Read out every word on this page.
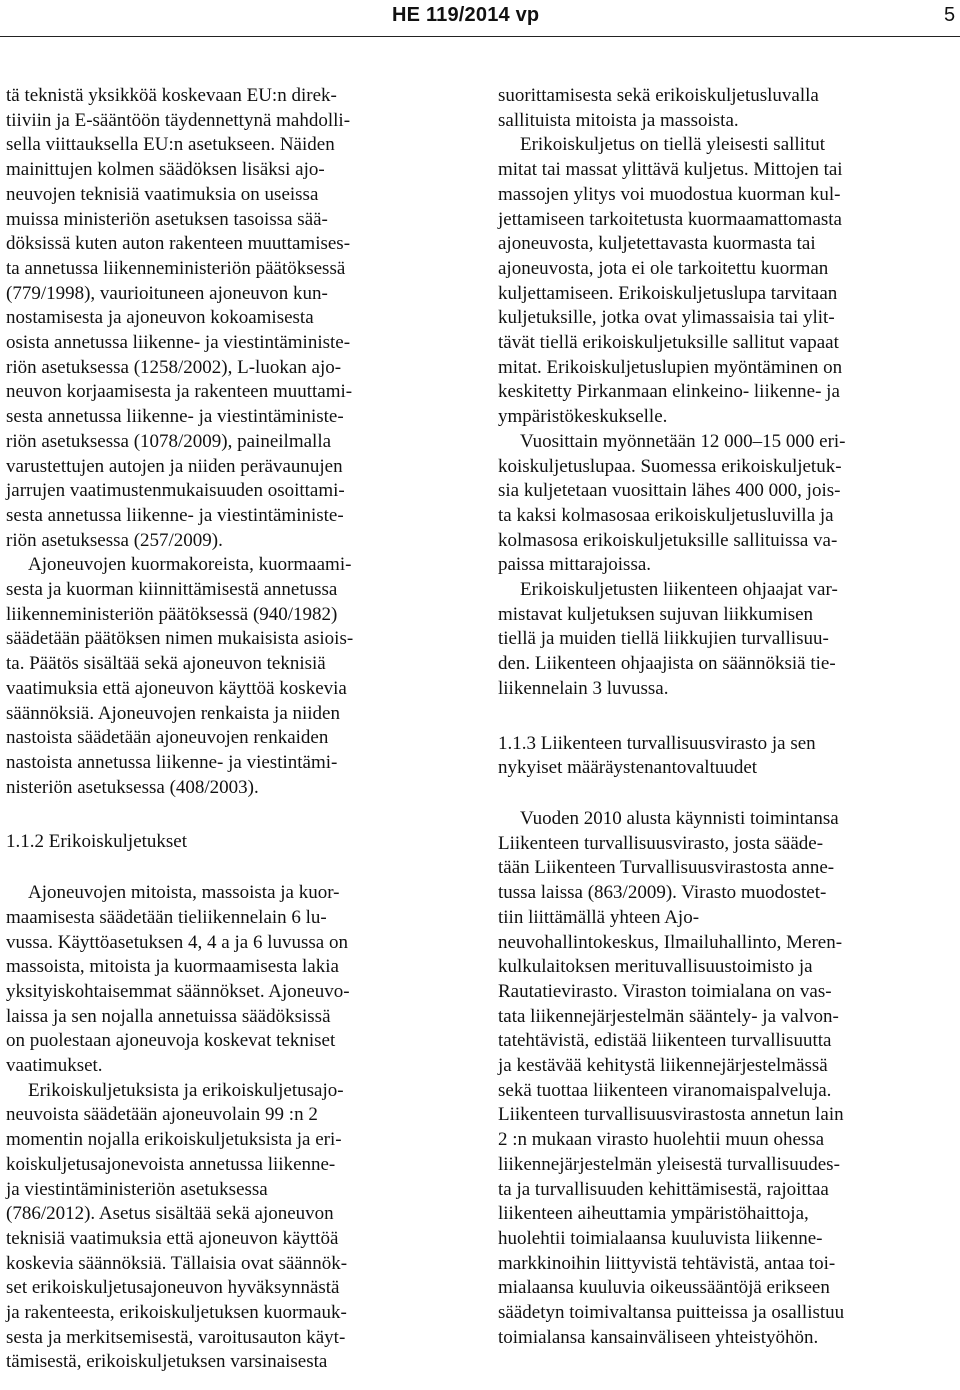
HE 119/2014 vp	5

tä teknistä yksikköä koskevaan EU:n direk-
tiiviin ja E-sääntöön täydennettynä mahdolli-
sella viittauksella EU:n asetukseen. Näiden
mainittujen kolmen säädöksen lisäksi ajo-
neuvojen teknisiä vaatimuksia on useissa
muissa ministeriön asetuksen tasoissa sää-
döksissä kuten auton rakenteen muuttamises-
ta annetussa liikenneministeriön päätöksessä
(779/1998), vaurioituneen ajoneuvon kun-
nostamisesta ja ajoneuvon kokoamisesta
osista annetussa liikenne- ja viestintäministe-
riön asetuksessa (1258/2002), L-luokan ajo-
neuvon korjaamisesta ja rakenteen muuttami-
sesta annetussa liikenne- ja viestintäministe-
riön asetuksessa (1078/2009), paineilmalla
varustettujen autojen ja niiden perävaunujen
jarrujen vaatimustenmukaisuuden osoittami-
sesta annetussa liikenne- ja viestintäministe-
riön asetuksessa (257/2009).

Ajoneuvojen kuormakoreista, kuormaami-
sesta ja kuorman kiinnittämisestä annetussa
liikenneministeriön päätöksessä (940/1982)
säädetään päätöksen nimen mukaisista asiois-
ta. Päätös sisältää sekä ajoneuvon teknisiä
vaatimuksia että ajoneuvon käyttöä koskevia
säännöksiä. Ajoneuvojen renkaista ja niiden
nastoista säädetään ajoneuvojen renkaiden
nastoista annetussa liikenne- ja viestintämi-
nisteriön asetuksessa (408/2003).

1.1.2 Erikoiskuljetukset

Ajoneuvojen mitoista, massoista ja kuor-
maamisesta säädetään tieliikennelain 6 lu-
vussa. Käyttöasetuksen 4, 4 a ja 6 luvussa on
massoista, mitoista ja kuormaamisesta lakia
yksityiskohtaisemmat säännökset. Ajoneuvo-
laissa ja sen nojalla annetuissa säädöksissä
on puolestaan ajoneuvoja koskevat tekniset
vaatimukset.

Erikoiskuljetuksista ja erikoiskuljetusajo-
neuvoista säädetään ajoneuvolain 99 :n 2
momentin nojalla erikoiskuljetuksista ja eri-
koiskuljetusajonevoista annetussa liikenne-
ja viestintäministeriön asetuksessa
(786/2012). Asetus sisältää sekä ajoneuvon
teknisiä vaatimuksia että ajoneuvon käyttöä
koskevia säännöksiä. Tällaisia ovat säännök-
set erikoiskuljetusajoneuvon hyväksynnästä
ja rakenteesta, erikoiskuljetuksen kuormauk-
sesta ja merkitsemisestä, varoitusauton käyt-
tämisestä, erikoiskuljetuksen varsinaisesta

suorittamisesta sekä erikoiskuljetusluvalla
sallituista mitoista ja massoista.

Erikoiskuljetus on tiellä yleisesti sallitut
mitat tai massat ylittävä kuljetus. Mittojen tai
massojen ylitys voi muodostua kuorman kul-
jettamiseen tarkoitetusta kuormaamattomasta
ajoneuvosta, kuljetettavasta kuormasta tai
ajoneuvosta, jota ei ole tarkoitettu kuorman
kuljettamiseen. Erikoiskuljetuslupa tarvitaan
kuljetuksille, jotka ovat ylimassaisia tai ylit-
tävät tiellä erikoiskuljetuksille sallitut vapaat
mitat. Erikoiskuljetuslupien myöntäminen on
keskitetty Pirkanmaan elinkeino- liikenne- ja
ympäristökeskukselle.

Vuosittain myönnetään 12 000–15 000 eri-
koiskuljetuslupaa. Suomessa erikoiskuljetuk-
sia kuljetetaan vuosittain lähes 400 000, jois-
ta kaksi kolmasosaa erikoiskuljetusluvilla ja
kolmasosa erikoiskuljetuksille sallituissa va-
paissa mittarajoissa.

Erikoiskuljetusten liikenteen ohjaajat var-
mistavat kuljetuksen sujuvan liikkumisen
tiellä ja muiden tiellä liikkujien turvallisuu-
den. Liikenteen ohjaajista on säännöksiä tie-
liikennelain 3 luvussa.

1.1.3 Liikenteen turvallisuusvirasto ja sen
nykyiset määräystenantovaltuudet

Vuoden 2010 alusta käynnisti toimintansa
Liikenteen turvallisuusvirasto, josta sääde-
tään Liikenteen Turvallisuusvirastosta anne-
tussa laissa (863/2009). Virasto muodostet-
tiin liittämällä yhteen Ajo-
neuvohallintokeskus, Ilmailuhallinto, Meren-
kulkulaitoksen merituvallisuustoimisto ja
Rautatievirasto. Viraston toimialana on vas-
tata liikennejärjestelmän sääntely- ja valvon-
tatehtävistä, edistää liikenteen turvallisuutta
ja kestävää kehitystä liikennejärjestelmässä
sekä tuottaa liikenteen viranomaispalveluja.
Liikenteen turvallisuusvirastosta annetun lain
2 :n mukaan virasto huolehtii muun ohessa
liikennejärjestelmän yleisestä turvallisuudes-
ta ja turvallisuuden kehittämisestä, rajoittaa
liikenteen aiheuttamia ympäristöhaittoja,
huolehtii toimialaansa kuuluvista liikenne-
markkinoihin liittyvistä tehtävistä, antaa toi-
mialaansa kuuluvia oikeussääntöjä erikseen
säädetyn toimivaltansa puitteissa ja osallistuu
toimialansa kansainväliseen yhteistyöhön.
